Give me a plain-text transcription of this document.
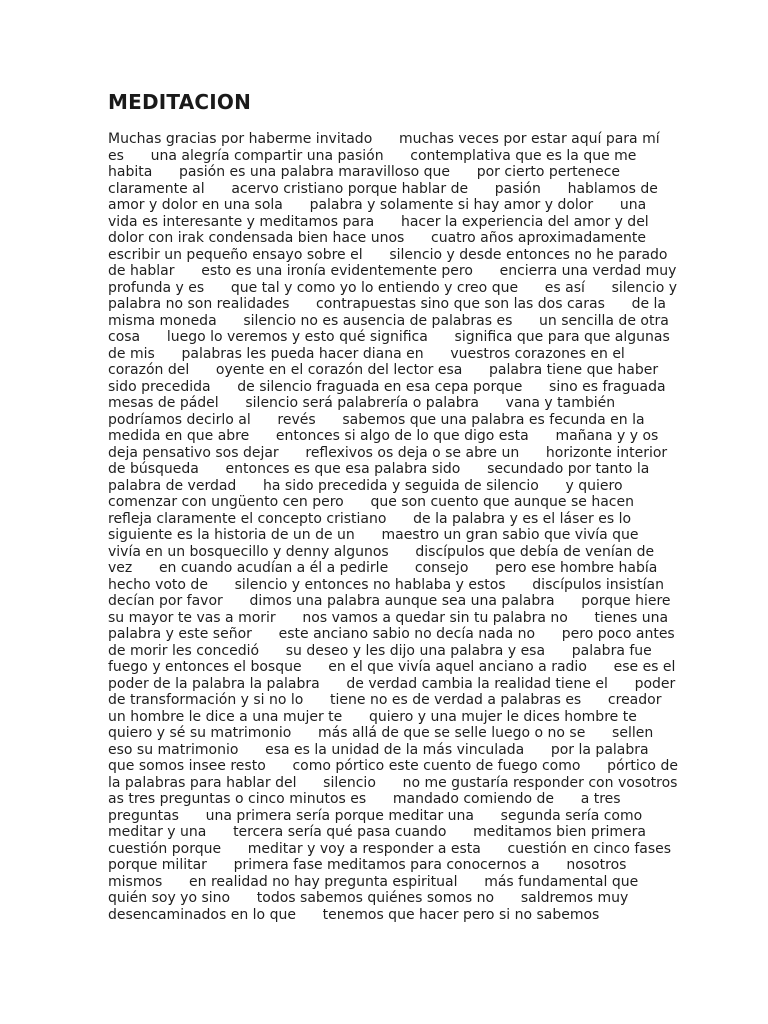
MEDITACION
Muchas gracias por haberme invitado      muchas veces por estar aquí para mí
es      una alegría compartir una pasión      contemplativa que es la que me
habita      pasión es una palabra maravilloso que      por cierto pertenece
claramente al      acervo cristiano porque hablar de      pasión      hablamos de
amor y dolor en una sola      palabra y solamente si hay amor y dolor      una
vida es interesante y meditamos para      hacer la experiencia del amor y del
dolor con irak condensada bien hace unos      cuatro años aproximadamente
escribir un pequeño ensayo sobre el      silencio y desde entonces no he parado
de hablar      esto es una ironía evidentemente pero      encierra una verdad muy
profunda y es      que tal y como yo lo entiendo y creo que      es así      silencio y
palabra no son realidades      contrapuestas sino que son las dos caras      de la
misma moneda      silencio no es ausencia de palabras es      un sencilla de otra
cosa      luego lo veremos y esto qué significa      significa que para que algunas
de mis      palabras les pueda hacer diana en      vuestros corazones en el
corazón del      oyente en el corazón del lector esa      palabra tiene que haber
sido precedida      de silencio fraguada en esa cepa porque      sino es fraguada
mesas de pádel      silencio será palabrería o palabra      vana y también
podríamos decirlo al      revés      sabemos que una palabra es fecunda en la
medida en que abre      entonces si algo de lo que digo esta      mañana y y os
deja pensativo sos dejar      reflexivos os deja o se abre un      horizonte interior
de búsqueda      entonces es que esa palabra sido      secundado por tanto la
palabra de verdad      ha sido precedida y seguida de silencio      y quiero
comenzar con ungüento cen pero      que son cuento que aunque se hacen
refleja claramente el concepto cristiano      de la palabra y es el láser es lo
siguiente es la historia de un de un      maestro un gran sabio que vivía que
vivía en un bosquecillo y denny algunos      discípulos que debía de venían de
vez      en cuando acudían a él a pedirle      consejo      pero ese hombre había
hecho voto de      silencio y entonces no hablaba y estos      discípulos insistían
decían por favor      dimos una palabra aunque sea una palabra      porque hiere
su mayor te vas a morir      nos vamos a quedar sin tu palabra no      tienes una
palabra y este señor      este anciano sabio no decía nada no      pero poco antes
de morir les concedió      su deseo y les dijo una palabra y esa      palabra fue
fuego y entonces el bosque      en el que vivía aquel anciano a radio      ese es el
poder de la palabra la palabra      de verdad cambia la realidad tiene el      poder
de transformación y si no lo      tiene no es de verdad a palabras es      creador
un hombre le dice a una mujer te      quiero y una mujer le dices hombre te
quiero y sé su matrimonio      más allá de que se selle luego o no se      sellen
eso su matrimonio      esa es la unidad de la más vinculada      por la palabra
que somos insee resto      como pórtico este cuento de fuego como      pórtico de
la palabras para hablar del      silencio      no me gustaría responder con vosotros
as tres preguntas o cinco minutos es      mandado comiendo de      a tres
preguntas      una primera sería porque meditar una      segunda sería como
meditar y una      tercera sería qué pasa cuando      meditamos bien primera
cuestión porque      meditar y voy a responder a esta      cuestión en cinco fases
porque militar      primera fase meditamos para conocernos a      nosotros
mismos      en realidad no hay pregunta espiritual      más fundamental que
quién soy yo sino      todos sabemos quiénes somos no      saldremos muy
desencaminados en lo que      tenemos que hacer pero si no sabemos
